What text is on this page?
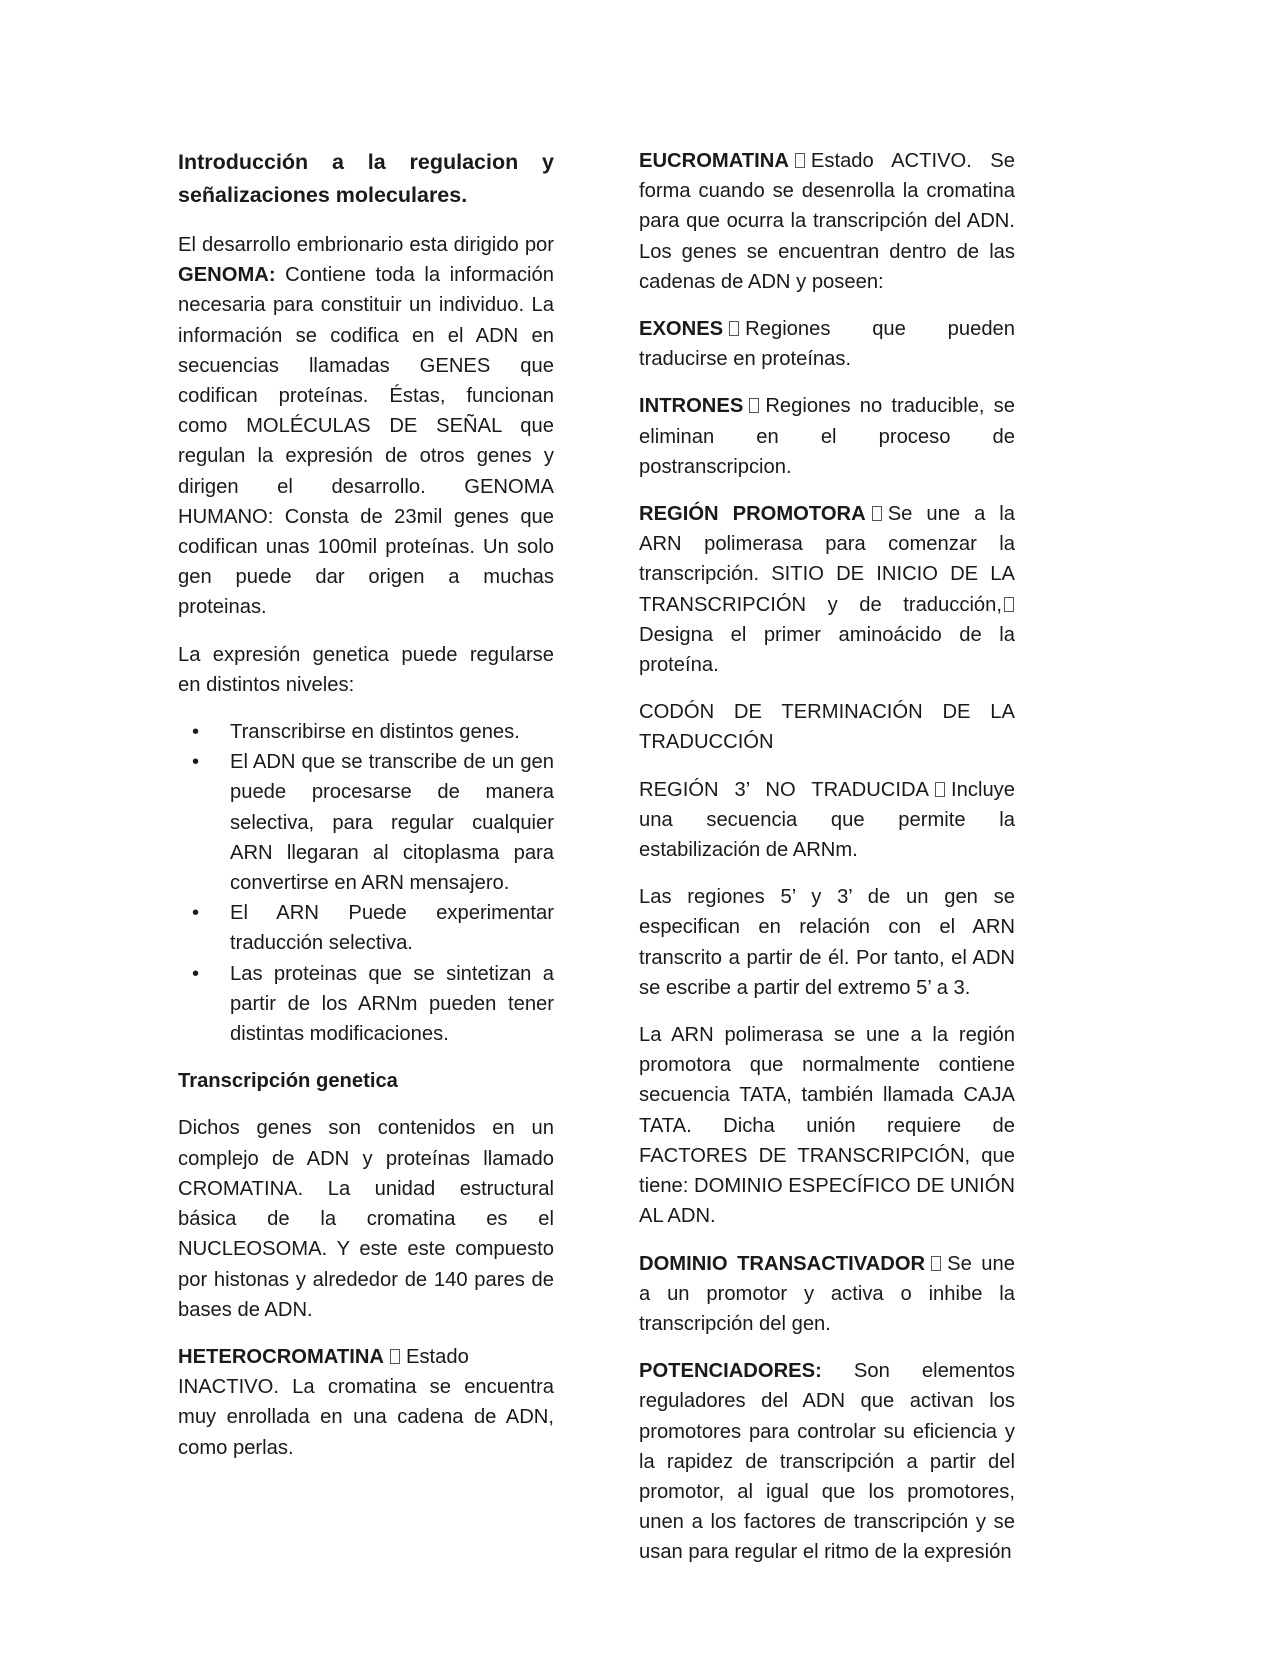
Introducción a la regulacion y señalizaciones moleculares.

El desarrollo embrionario esta dirigido por GENOMA: Contiene toda la información necesaria para constituir un individuo. La información se codifica en el ADN en secuencias llamadas GENES que codifican proteínas. Éstas, funcionan como MOLÉCULAS DE SEÑAL que regulan la expresión de otros genes y dirigen el desarrollo. GENOMA HUMANO: Consta de 23mil genes que codifican unas 100mil proteínas. Un solo gen puede dar origen a muchas proteinas.

La expresión genetica puede regularse en distintos niveles:

• Transcribirse en distintos genes.
• El ADN que se transcribe de un gen puede procesarse de manera selectiva, para regular cualquier ARN llegaran al citoplasma para convertirse en ARN mensajero.
• El ARN Puede experimentar traducción selectiva.
• Las proteinas que se sintetizan a partir de los ARNm pueden tener distintas modificaciones.

Transcripción genetica

Dichos genes son contenidos en un complejo de ADN y proteínas llamado CROMATINA. La unidad estructural básica de la cromatina es el NUCLEOSOMA. Y este este compuesto por histonas y alrededor de 140 pares de bases de ADN.

HETEROCROMATINA Estado INACTIVO. La cromatina se encuentra muy enrollada en una cadena de ADN, como perlas.

EUCROMATINA Estado ACTIVO. Se forma cuando se desenrolla la cromatina para que ocurra la transcripción del ADN. Los genes se encuentran dentro de las cadenas de ADN y poseen:

EXONES Regiones que pueden traducirse en proteínas.

INTRONES Regiones no traducible, se eliminan en el proceso de postranscripcion.

REGIÓN PROMOTORA Se une a la ARN polimerasa para comenzar la transcripción. SITIO DE INICIO DE LA TRANSCRIPCIÓN y de traducción,Designa el primer aminoácido de la proteína.

CODÓN DE TERMINACIÓN DE LA TRADUCCIÓN

REGIÓN 3’ NO TRADUCIDA Incluye una secuencia que permite la estabilización de ARNm.

Las regiones 5’ y 3’ de un gen se especifican en relación con el ARN transcrito a partir de él. Por tanto, el ADN se escribe a partir del extremo 5’ a 3.

La ARN polimerasa se une a la región promotora que normalmente contiene secuencia TATA, también llamada CAJA TATA. Dicha unión requiere de FACTORES DE TRANSCRIPCIÓN, que tiene: DOMINIO ESPECÍFICO DE UNIÓN AL ADN.

DOMINIO TRANSACTIVADOR Se une a un promotor y activa o inhibe la transcripción del gen.

POTENCIADORES: Son elementos reguladores del ADN que activan los promotores para controlar su eficiencia y la rapidez de transcripción a partir del promotor, al igual que los promotores, unen a los factores de transcripción y se usan para regular el ritmo de la expresión
